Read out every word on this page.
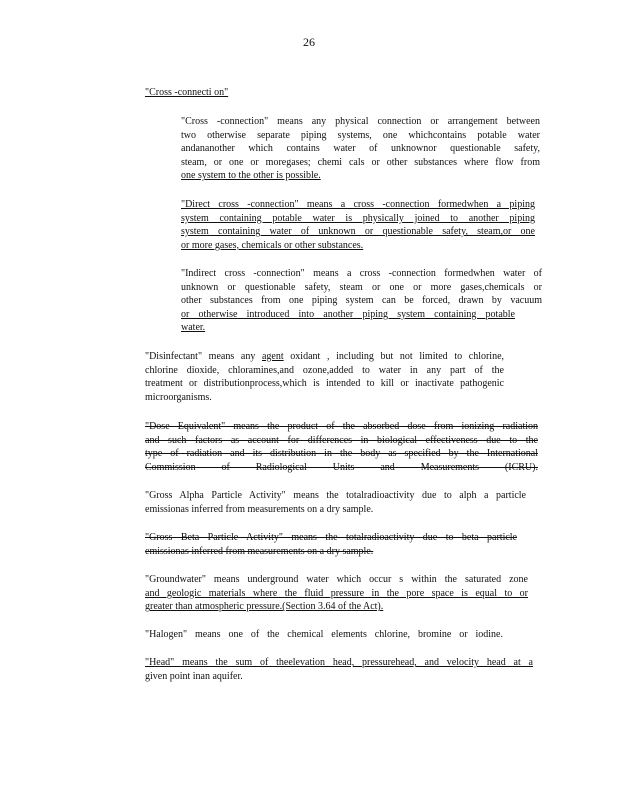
26
"Cross -connecti on"
"Cross -connection" means any physical connection or arrangement between
two otherwise separate piping systems, one whichcontains potable water
andananother which contains water of unknownor questionable safety,
steam, or one or moregases; chemi cals or other substances where flow from
one system to the other is possible.
"Direct cross -connection" means a cross -connection formedwhen a piping
system containing potable water is physically joined to another piping
system containing water of unknown or questionable safety, steam,or one
or more gases, chemicals or other substances.
"Indirect cross -connection" means a cross -connection formedwhen water of
unknown or questionable safety, steam or one or more gases,chemicals or
other substances from one piping system can be forced, drawn by vacuum
or otherwise introduced into another piping system containing potable
water.
"Disinfectant" means any agent oxidant , including but not limited to chlorine,
chlorine dioxide, chloramines,and ozone,added to water in any part of the
treatment or distributionprocess,which is intended to kill or inactivate pathogenic
microorganisms.
"Dose Equivalent" means the product of the absorbed dose from ionizing radiation
and such factors as account for differences in biological effectiveness due to the
type of radiation and its distribution in the body as specified by the International
Commission of Radiological Units and Measurements (ICRU).
"Gross Alpha Particle Activity" means the totalradioactivity due to alph a particle
emissionas inferred from measurements on a dry sample.
"Gross Beta Particle Activity" means the totalradioactivity due to beta particle
emissionas inferred from measurements on a dry sample.
"Groundwater" means underground water which occur s within the saturated zone
and geologic materials where the fluid pressure in the pore space is equal to or
greater than atmospheric pressure.(Section 3.64 of the Act).
"Halogen" means one of the chemical elements chlorine, bromine or iodine.
"Head" means the sum of theelevation head, pressurehead, and velocity head at a
given point inan aquifer.
